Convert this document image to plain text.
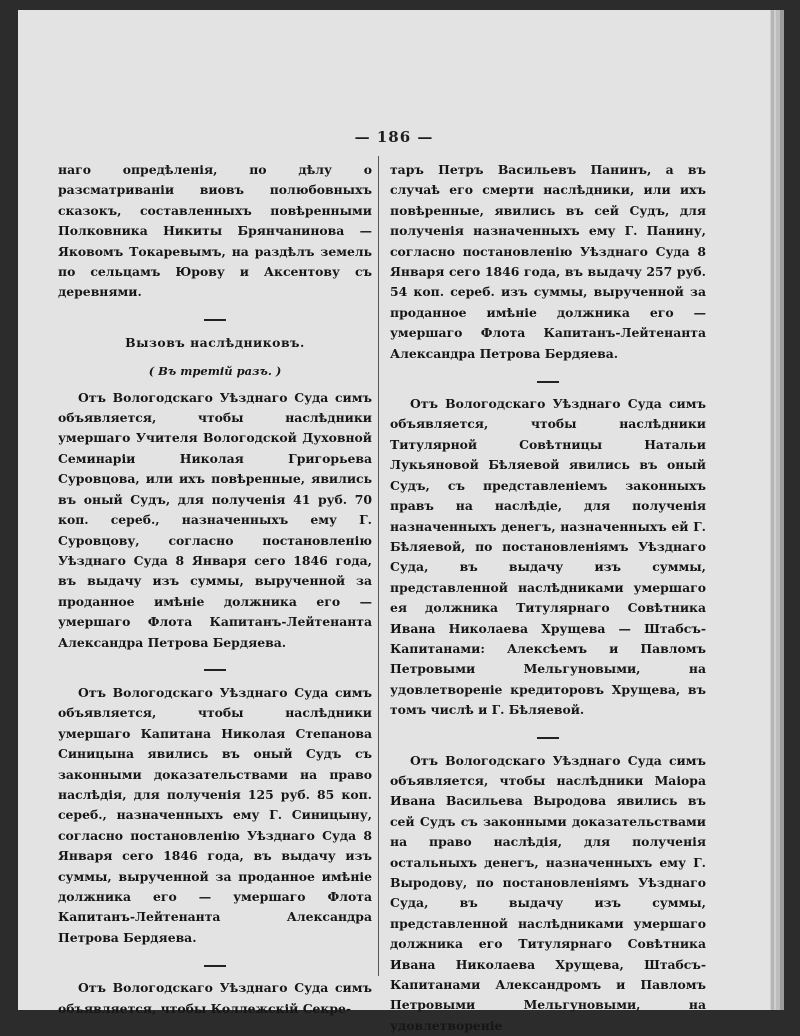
— 186 —

наго опредѣленія, по дѣлу о разсматриваніи виовъ полюбовныхъ сказокъ, составленныхъ повѣренными Полковника Никиты Брянчанинова — Яковомъ Токаревымъ, на раздѣлъ земель по сельцамъ Юрову и Аксентову съ деревнями.

Вызовъ наслѣдниковъ.
( Въ третій разъ. )

Отъ Вологодскаго Уѣзднаго Суда симъ объявляется, чтобы наслѣдники умершаго Учителя Вологодской Духовной Семинаріи Николая Григорьева Суровцова, или ихъ повѣренные, явились въ оный Судъ, для полученія 41 руб. 70 коп. сереб., назначенныхъ ему Г. Суровцову, согласно постановленію Уѣзднаго Суда 8 Января сего 1846 года, въ выдачу изъ суммы, вырученной за проданное имѣніе должника его — умершаго Флота Капитанъ-Лейтенанта Александра Петрова Бердяева.

Отъ Вологодскаго Уѣзднаго Суда симъ объявляется, чтобы наслѣдники умершаго Капитана Николая Степанова Синицына явились въ оный Судъ съ законными доказательствами на право наслѣдія, для полученія 125 руб. 85 коп. сереб., назначенныхъ ему Г. Синицыну, согласно постановленію Уѣзднаго Суда 8 Января сего 1846 года, въ выдачу изъ суммы, вырученной за проданное имѣніе должника его — умершаго Флота Капитанъ-Лейтенанта Александра Петрова Бердяева.

Отъ Вологодскаго Уѣзднаго Суда симъ объявляется, чтобы Коллежскій Секре-

таръ Петръ Васильевъ Панинъ, а въ случаѣ его смерти наслѣдники, или ихъ повѣренные, явились въ сей Судъ, для полученія назначенныхъ ему Г. Панину, согласно постановленію Уѣзднаго Суда 8 Января сего 1846 года, въ выдачу 257 руб. 54 коп. сереб. изъ суммы, вырученной за проданное имѣніе должника его — умершаго Флота Капитанъ-Лейтенанта Александра Петрова Бердяева.

Отъ Вологодскаго Уѣзднаго Суда симъ объявляется, чтобы наслѣдники Титулярной Совѣтницы Натальи Лукьяновой Бѣляевой явились въ оный Судъ, съ представленіемъ законныхъ правъ на наслѣдіе, для полученія назначенныхъ денегъ, назначенныхъ ей Г. Бѣляевой, по постановленіямъ Уѣзднаго Суда, въ выдачу изъ суммы, представленной наслѣдниками умершаго ея должника Титулярнаго Совѣтника Ивана Николаева Хрущева — Штабсъ-Капитанами: Алексѣемъ и Павломъ Петровыми Мельгуновыми, на удовлетвореніе кредиторовъ Хрущева, въ томъ числѣ и Г. Бѣляевой.

Отъ Вологодскаго Уѣзднаго Суда симъ объявляется, чтобы наслѣдники Маіора Ивана Васильева Выродова явились въ сей Судъ съ законными доказательствами на право наслѣдія, для полученія остальныхъ денегъ, назначенныхъ ему Г. Выродову, по постановленіямъ Уѣзднаго Суда, въ выдачу изъ суммы, представленной наслѣдниками умершаго должника его Титулярнаго Совѣтника Ивана Николаева Хрущева, Штабсъ-Капитанами Александромъ и Павломъ Петровыми Мельгуновыми, на удовлетвореніе
